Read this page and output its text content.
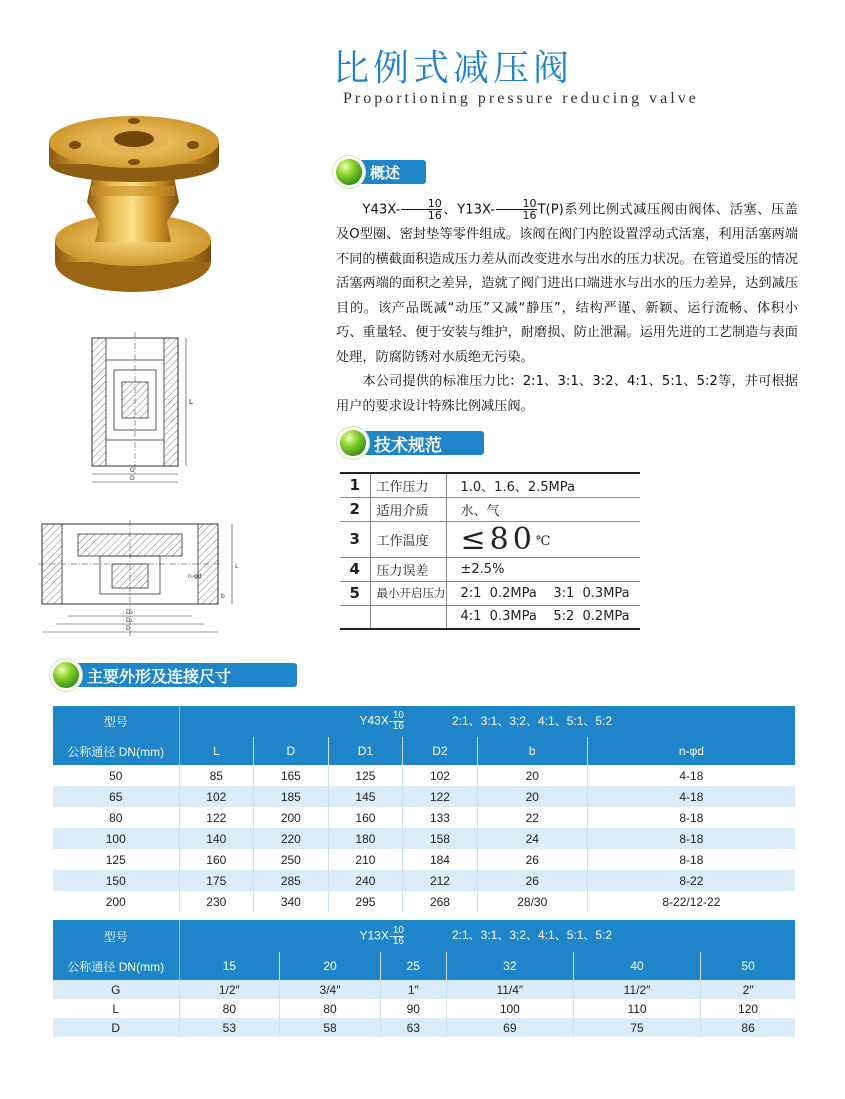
比例式减压阀
Proportioning pressure reducing valve
概述

$Y43X- \frac{10}{16}$ 、$Y13X- \frac{10}{16} T(P)$系列比例式减压阀由阀体、活塞、压盖及O型圈、密封垫等零件组成。该阀在阀门内腔设置浮动式活塞，利用活塞两端不同的横截面积造成压力差从而改变进水与出水的压力状况。在管道受压的情况活塞两端的面积之差异，造就了阀门进出口端进水与出水的压力差异，达到减压目的。该产品既减“动压”又减“静压”，结构严谨、新颖、运行流畅、体积小巧、重量轻、便于安装与维护，耐磨损、防止泄漏。运用先进的工艺制造与表面处理，防腐防锈对水质绝无污染。

本公司提供的标准压力比：2:1、3:1、3:2、4:1、5:1、5:2等，并可根据用户的要求设计特殊比例减压阀。

技术规范
1	工作压力	1.0、1.6、2.5MPa
2	适用介质	水、气
3	工作温度	≤80℃
4	压力误差	±2.5%
5	最小开启压力	2:1  0.2MPa    3:1  0.3MPa
		4:1  0.3MPa    5:2  0.2MPa
L
G
D
n-φd
L
b
D₂
D₁
D
主要外形及连接尺寸
型号	$Y43X- \frac{10}{16}$ 2:1、3:1、3;2、4:1、5:1、5:2					
公称通径 DN(mm)	L	D	D1	D2	b	n-φd
50	85	165	125	102	20	4-18
65	102	185	145	122	20	4-18
80	122	200	160	133	22	8-18
100	140	220	180	158	24	8-18
125	160	250	210	184	26	8-18
150	175	285	240	212	26	8-22
200	230	340	295	268	28/30	8-22/12-22
型号	$Y13X- \frac{10}{16}$ 2:1、3:1、3;2、4:1、5:1、5:2					
公称通径 DN(mm)	15	20	25	32	40	50
G	1/2″	3/4″	1″	11/4″	11/2″	2″
L	80	80	90	100	110	120
D	53	58	63	69	75	86
